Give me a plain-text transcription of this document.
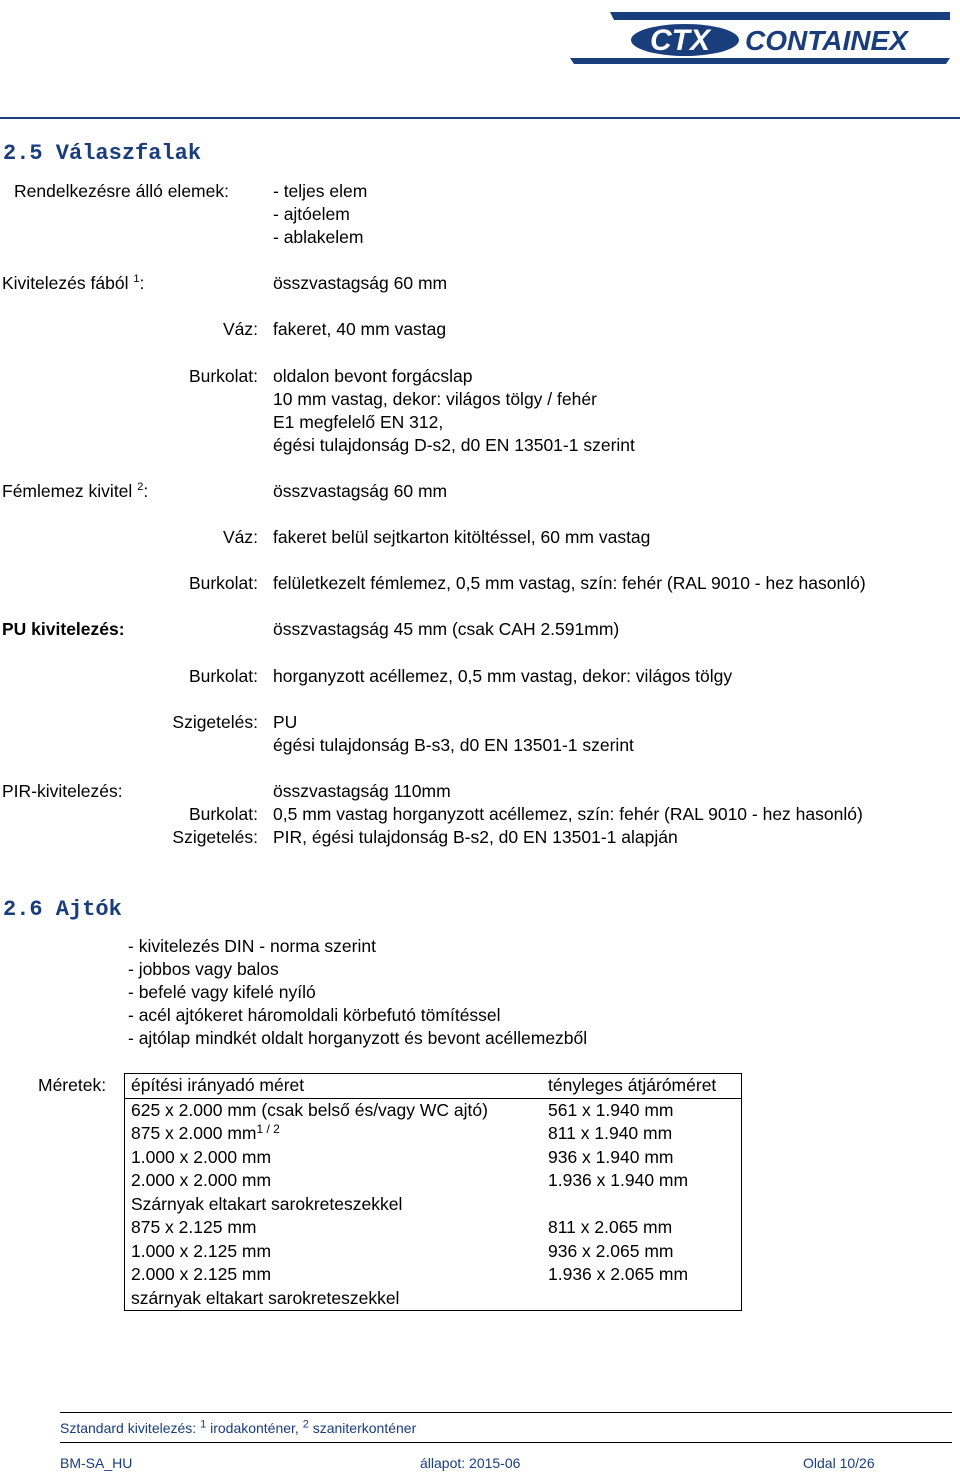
CTX CONTAINEX
2.5 Válaszfalak
Rendelkezésre álló elemek:	- teljes elem
- ajtóelem
- ablakelem
Kivitelezés fából $^1$:	összvastagság 60 mm
Váz: fakeret, 40 mm vastag
Burkolat: oldalon bevont forgácslap
10 mm vastag, dekor: világos tölgy / fehér
E1 megfelelő EN 312,
égési tulajdonság D-s2, d0 EN 13501-1 szerint
Fémlemez kivitel $^2$:	összvastagság 60 mm
Váz: fakeret belül sejtkarton kitöltéssel, 60 mm vastag
Burkolat: felületkezelt fémlemez, 0,5 mm vastag, szín: fehér (RAL 9010 - hez hasonló)
PU kivitelezés:	összvastagság 45 mm (csak CAH 2.591mm)
Burkolat: horganyzott acéllemez, 0,5 mm vastag, dekor: világos tölgy
Szigetelés: PU
égési tulajdonság B-s3, d0 EN 13501-1 szerint
PIR-kivitelezés:	összvastagság 110mm
Burkolat: 0,5 mm vastag horganyzott acéllemez, szín: fehér (RAL 9010 - hez hasonló)
Szigetelés: PIR, égési tulajdonság B-s2, d0 EN 13501-1 alapján
2.6 Ajtók
- kivitelezés DIN - norma szerint
- jobbos vagy balos
- befelé vagy kifelé nyíló
- acél ajtókeret háromoldali körbefutó tömítéssel
- ajtólap mindkét oldalt horganyzott és bevont acéllemezből
Méretek: építési irányadó méret	tényleges átjáróméret
625 x 2.000 mm (csak belső és/vagy WC ajtó)	561 x 1.940 mm
875 x 2.000 $mm^{1 / 2}$	811 x 1.940 mm
1.000 x 2.000 mm	936 x 1.940 mm
2.000 x 2.000 mm	1.936 x 1.940 mm
Szárnyak eltakart sarokreteszekkel	
875 x 2.125 mm	811 x 2.065 mm
1.000 x 2.125 mm	936 x 2.065 mm
2.000 x 2.125 mm	1.936 x 2.065 mm
szárnyak eltakart sarokreteszekkel	
Sztandard kivitelezés: $^1$ irodakonténer, $^2$ szaniterkonténer
BM-SA_HU	állapot: 2015-06	Oldal 10/26
